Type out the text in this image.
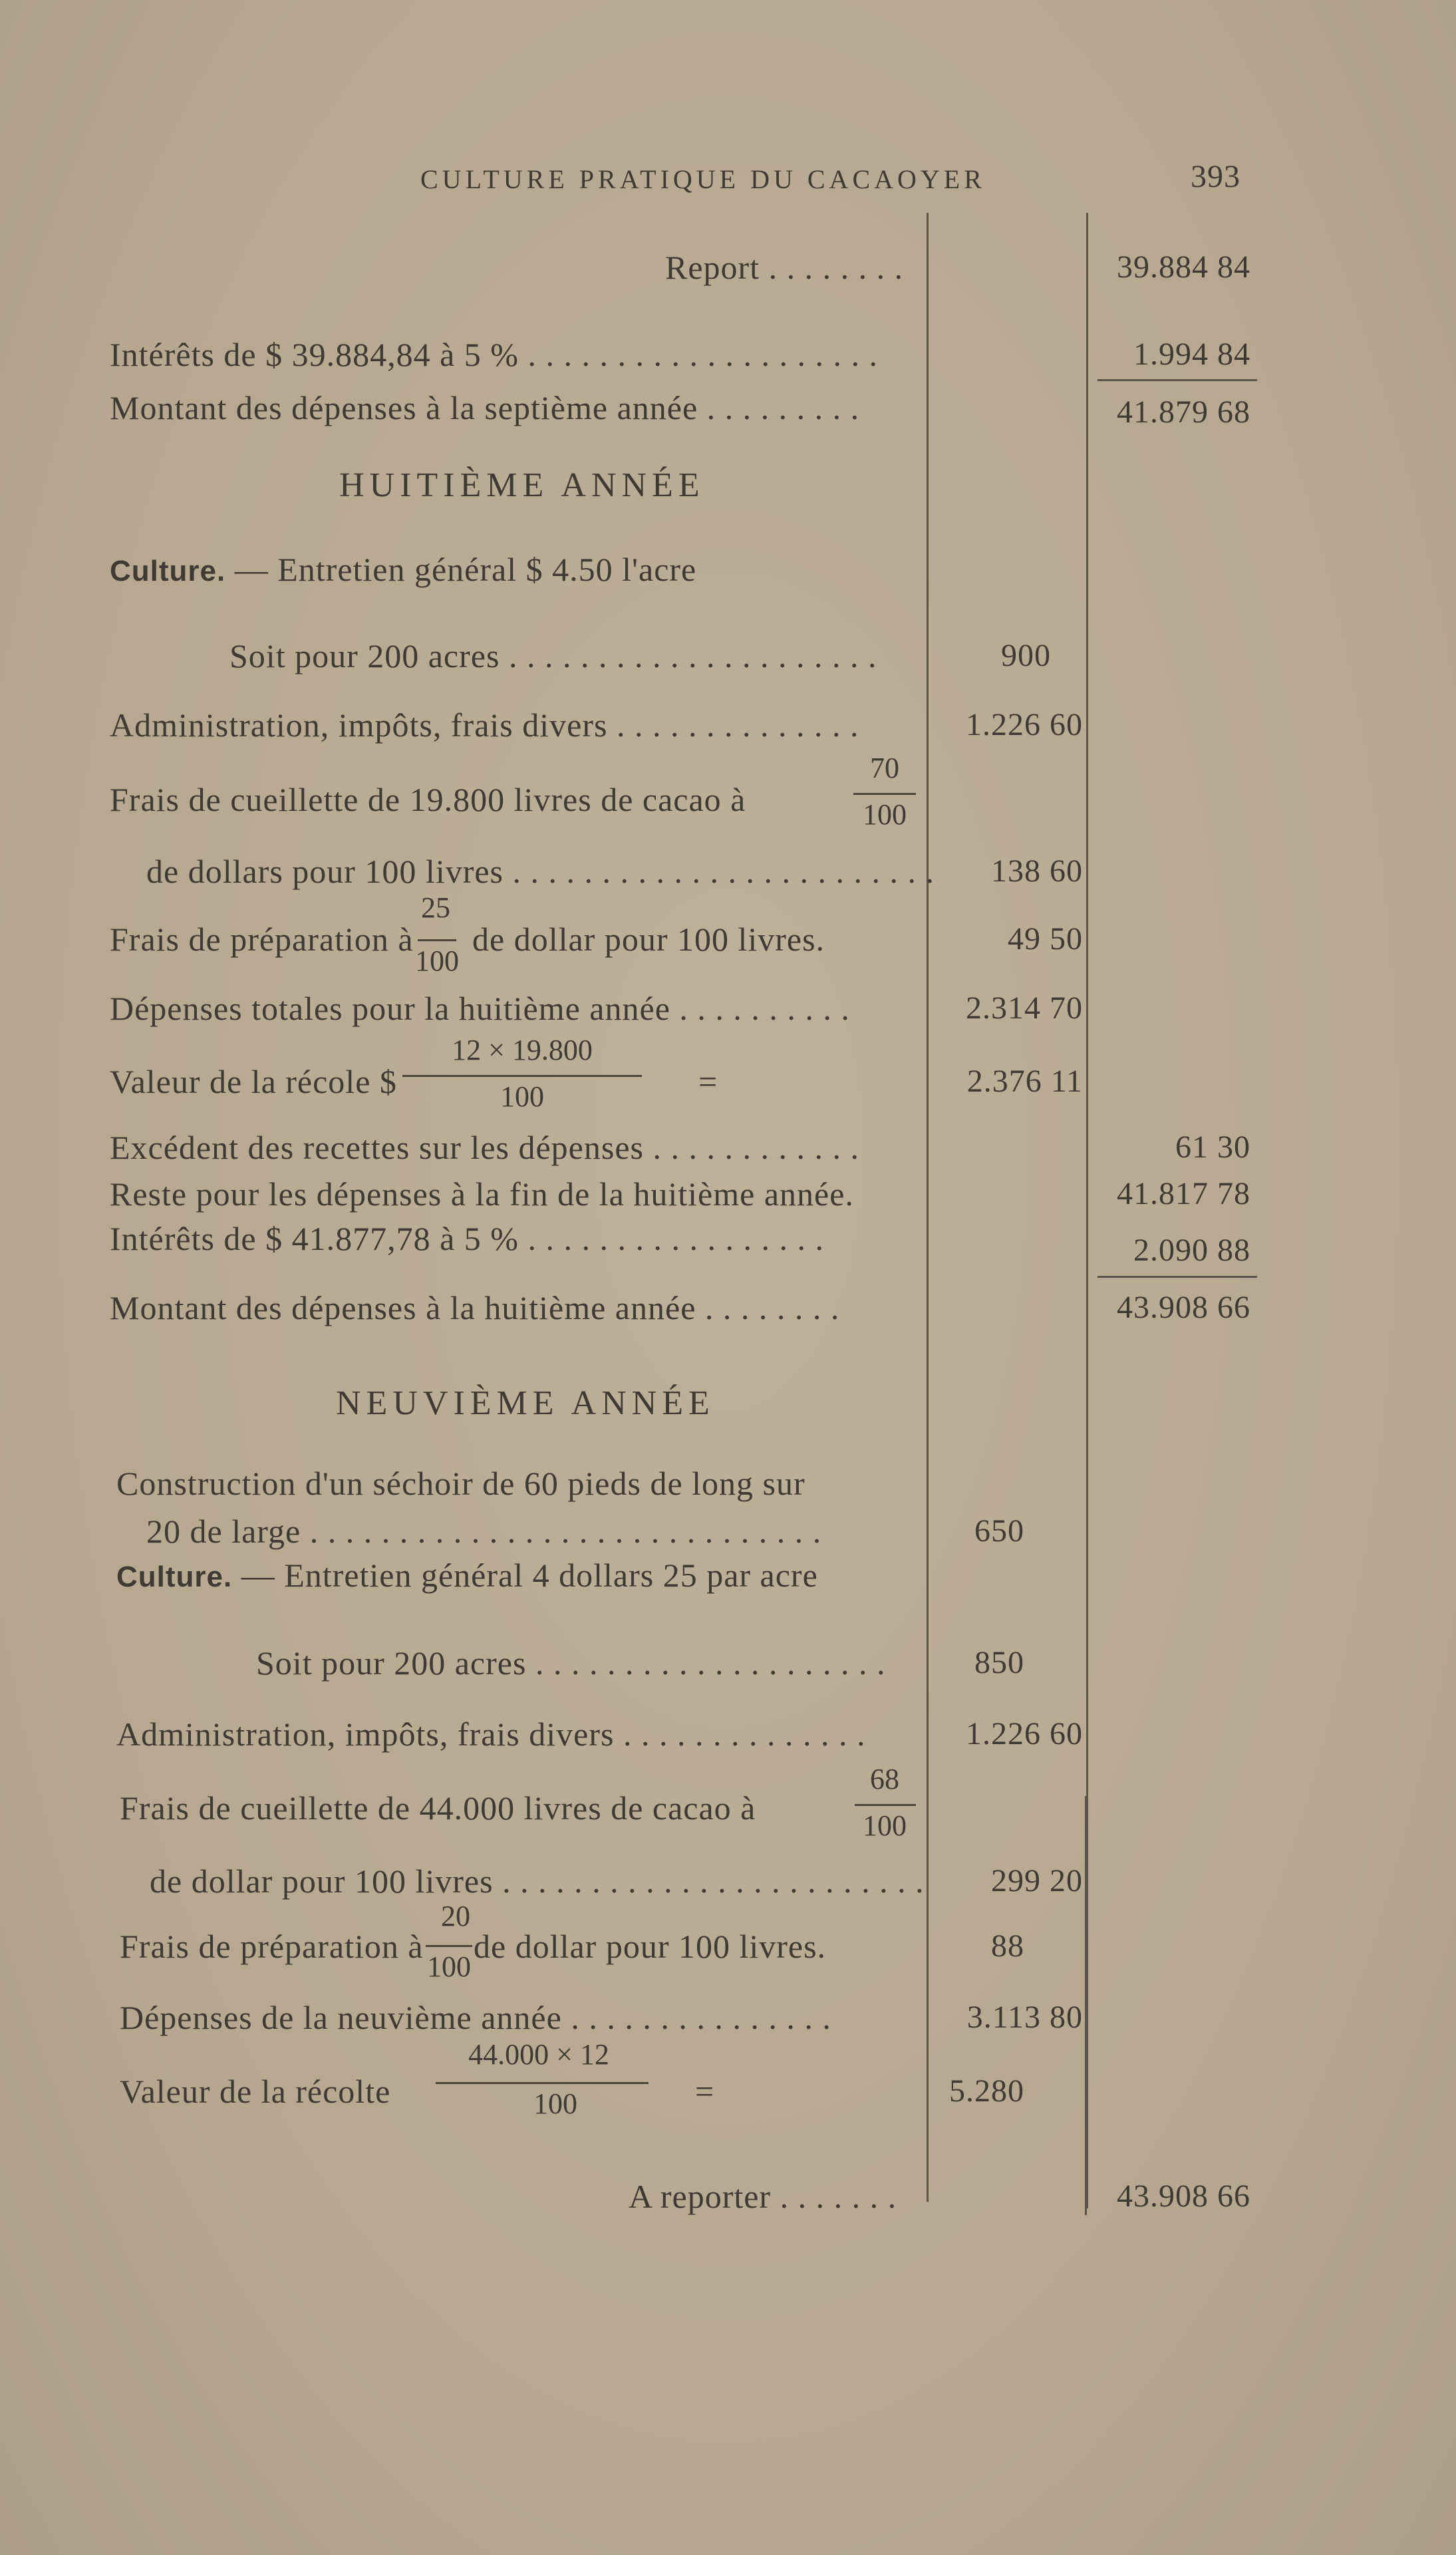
CULTURE PRATIQUE DU CACAOYER	393
Report . . . . . . . .	39.884 84
Intérêts de $ 39.884,84 à 5 % . . . . . . . . . . . . . . . . . . . .	1.994 84
Montant des dépenses à la septième année . . . . . . . . .	41.879 68
HUITIÈME ANNÉE
Culture. — Entretien général $ 4.50 l'acre
Soit pour 200 acres . . . . . . . . . . . . . . . . . . . . .	900
Administration, impôts, frais divers . . . . . . . . . . . . . .	1.226 60
Frais de cueillette de 19.800 livres de cacao à
70
100
de dollars pour 100 livres . . . . . . . . . . . . . . . . . . . . . . . .	138 60
25
100
Frais de préparation à de dollar pour 100 livres.	49 50
Dépenses totales pour la huitième année . . . . . . . . . .	2.314 70
Valeur de la récole $
12 × 19.800
100	=	2.376 11
Excédent des recettes sur les dépenses . . . . . . . . . . . .	61 30
Reste pour les dépenses à la fin de la huitième année.	41.817 78
Intérêts de $ 41.877,78 à 5 % . . . . . . . . . . . . . . . . .	2.090 88
Montant des dépenses à la huitième année . . . . . . . .	43.908 66
NEUVIÈME ANNÉE
Construction d'un séchoir de 60 pieds de long sur
20 de large . . . . . . . . . . . . . . . . . . . . . . . . . . . . .	650
Culture. — Entretien général 4 dollars 25 par acre
Soit pour 200 acres . . . . . . . . . . . . . . . . . . . .	850
Administration, impôts, frais divers . . . . . . . . . . . . . .	1.226 60
Frais de cueillette de 44.000 livres de cacao à
68
100
de dollar pour 100 livres . . . . . . . . . . . . . . . . . . . . . . . .	299 20
20
100
Frais de préparation à de dollar pour 100 livres.	88
Dépenses de la neuvième année . . . . . . . . . . . . . . .	3.113 80
Valeur de la récolte
44.000 × 12
100	=	5.280
A reporter . . . . . . .	43.908 66
